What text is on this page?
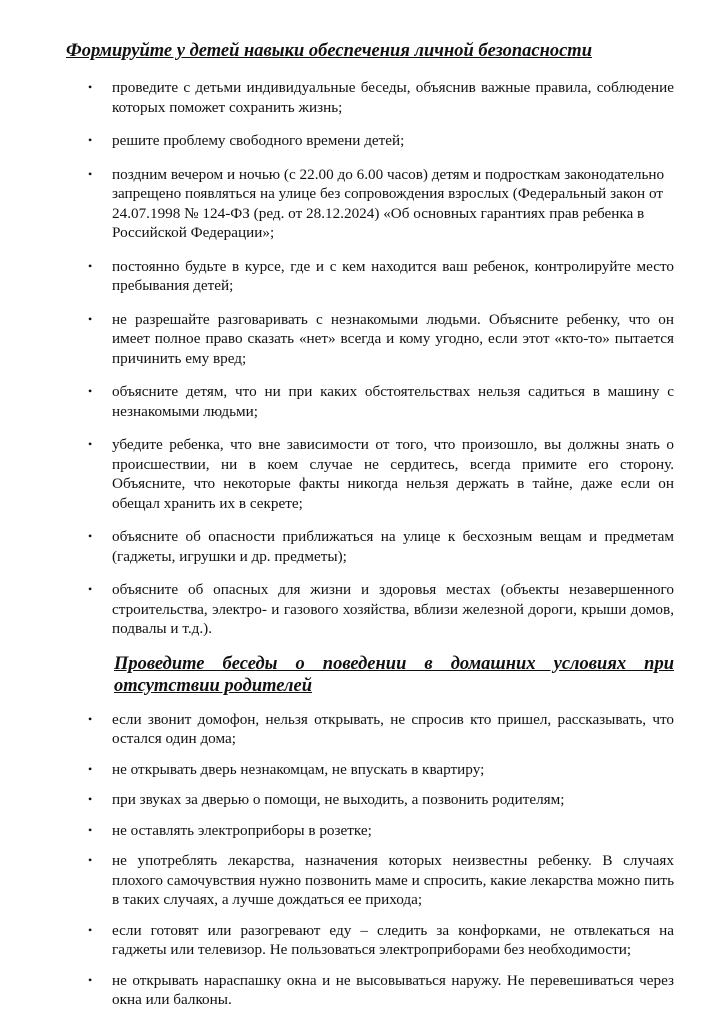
Формируйте у детей навыки обеспечения личной безопасности
• проведите с детьми индивидуальные беседы, объяснив важные правила, соблюдение которых поможет сохранить жизнь;
• решите проблему свободного времени детей;
• поздним вечером и ночью (с 22.00 до 6.00 часов) детям и подросткам законодательно запрещено появляться на улице без сопровождения взрослых (Федеральный закон от 24.07.1998 № 124-ФЗ (ред. от 28.12.2024) «Об основных гарантиях прав ребенка в Российской Федерации»;
• постоянно будьте в курсе, где и с кем находится ваш ребенок, контролируйте место пребывания детей;
• не разрешайте разговаривать с незнакомыми людьми. Объясните ребенку, что он имеет полное право сказать «нет» всегда и кому угодно, если этот «кто-то» пытается причинить ему вред;
• объясните детям, что ни при каких обстоятельствах нельзя садиться в машину с незнакомыми людьми;
• убедите ребенка, что вне зависимости от того, что произошло, вы должны знать о происшествии, ни в коем случае не сердитесь, всегда примите его сторону. Объясните, что некоторые факты никогда нельзя держать в тайне, даже если он обещал хранить их в секрете;
• объясните об опасности приближаться на улице к бесхозным вещам и предметам (гаджеты, игрушки и др. предметы);
• объясните об опасных для жизни и здоровья местах (объекты незавершенного строительства, электро- и газового хозяйства, вблизи железной дороги, крыши домов, подвалы и т.д.).
Проведите беседы о поведении в домашних условиях при отсутствии родителей
• если звонит домофон, нельзя открывать, не спросив кто пришел, рассказывать, что остался один дома;
• не открывать дверь незнакомцам, не впускать в квартиру;
• при звуках за дверью о помощи, не выходить, а позвонить родителям;
• не оставлять электроприборы в розетке;
• не употреблять лекарства, назначения которых неизвестны ребенку. В случаях плохого самочувствия нужно позвонить маме и спросить, какие лекарства можно пить в таких случаях, а лучше дождаться ее прихода;
• если готовят или разогревают еду – следить за конфорками, не отвлекаться на гаджеты или телевизор. Не пользоваться электроприборами без необходимости;
• не открывать нараспашку окна и не высовываться наружу. Не перевешиваться через окна или балконы.
